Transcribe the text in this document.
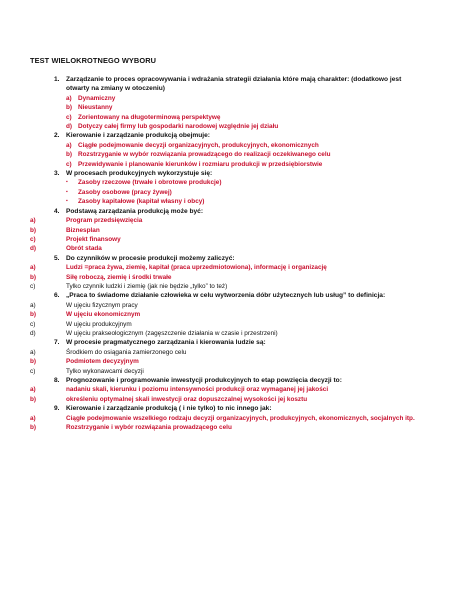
TEST WIELOKROTNEGO WYBORU
1. Zarządzanie to proces opracowywania i wdrażania strategii działania które mają charakter: (dodatkowo jest otwarty na zmiany w otoczeniu)
a) Dynamiczny
b) Nieustanny
c) Zorientowany na długoterminową perspektywę
d) Dotyczy całej firmy lub gospodarki narodowej względnie jej działu
2. Kierowanie i zarządzanie produkcją obejmuje:
a) Ciągłe podejmowanie decyzji organizacyjnych, produkcyjnych, ekonomicznych
b) Rozstrzyganie w wybór rozwiązania prowadzącego do realizacji oczekiwanego celu
c) Przewidywanie i planowanie kierunków i rozmiaru produkcji w przedsiębiorstwie
3. W procesach produkcyjnych wykorzystuje się:
▪	Zasoby rzeczowe (trwałe i obrotowe produkcje)
▪	Zasoby osobowe (pracy żywej)
▪	Zasoby kapitałowe (kapitał własny i obcy)
4. Podstawą zarządzania produkcją może być:
a)	Program przedsięwzięcia
b)	Biznesplan
c)	Projekt finansowy
d)	Obrót stada
5. Do czynników w procesie produkcji możemy zaliczyć:
a)	Ludzi =praca żywa, ziemię, kapitał (praca uprzedmiotowiona), informację i organizację
b)	Siłę roboczą, ziemię i środki trwałe
c)	Tylko czynnik ludzki i ziemię (jak nie będzie „tylko” to też)
6. „Praca to świadome działanie człowieka w celu wytworzenia dóbr użytecznych lub usług” to definicja:
a)	W ujęciu fizycznym pracy
b)	W ujęciu ekonomicznym
c)	W ujęciu produkcyjnym
d)	W ujęciu prakseologicznym (zagęszczenie działania w czasie i przestrzeni)
7. W procesie pragmatycznego zarządzania i kierowania ludzie są:
a)	Środkiem do osiągania zamierzonego celu
b)	Podmiotem decyzyjnym
c)	Tylko wykonawcami decyzji
8. Prognozowanie i programowanie inwestycji produkcyjnych to etap powzięcia decyzji to:
a)	nadaniu skali, kierunku i poziomu intensywności produkcji oraz wymaganej jej jakości
b)	określeniu optymalnej skali inwestycji oraz dopuszczalnej wysokości jej kosztu
9. Kierowanie i zarządzanie produkcją ( i nie tylko) to nic innego jak:
a)	Ciągłe podejmowanie wszelkiego rodzaju decyzji organizacyjnych, produkcyjnych, ekonomicznych, socjalnych itp.
b)	Rozstrzyganie i wybór rozwiązania prowadzącego celu
